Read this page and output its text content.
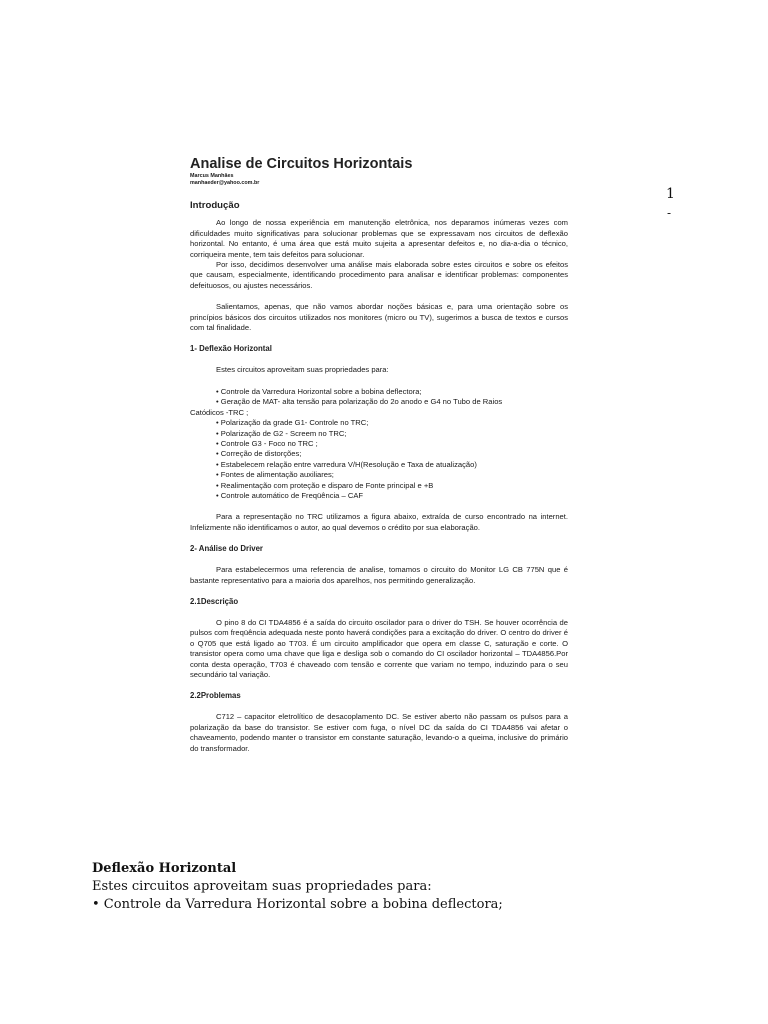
Analise de Circuitos Horizontais
Marcus Manhães
manhaeder@yahoo.com.br
Introdução

Ao longo de nossa experiência em manutenção eletrônica, nos deparamos inúmeras vezes com dificuldades muito significativas para solucionar problemas que se expressavam nos circuitos de deflexão horizontal. No entanto, é uma área que está muito sujeita a apresentar defeitos e, no dia-a-dia o técnico, corriqueira mente, tem tais defeitos para solucionar.

Por isso, decidimos desenvolver uma análise mais elaborada sobre estes circuitos e sobre os efeitos que causam, especialmente, identificando procedimento para analisar e identificar problemas: componentes defeituosos, ou ajustes necessários.

Salientamos, apenas, que não vamos abordar noções básicas e, para uma orientação sobre os princípios básicos dos circuitos utilizados nos monitores (micro ou TV), sugerimos a busca de textos e cursos com tal finalidade.

1- Deflexão Horizontal

Estes circuitos aproveitam suas propriedades para:

• Controle da Varredura Horizontal sobre a bobina deflectora;
• Geração de MAT- alta tensão para polarização do 2o anodo e G4 no Tubo de Raios
Catódicos -TRC ;
• Polarização da grade G1- Controle no TRC;
• Polarização de G2 - Screem no TRC;
• Controle G3 - Foco no TRC ;
• Correção de distorções;
• Estabelecem relação entre varredura V/H(Resolução e Taxa de atualização)
• Fontes de alimentação auxiliares;
• Realimentação com proteção e disparo de Fonte principal e +B
• Controle automático de Freqüência – CAF

Para a representação no TRC utilizamos a figura abaixo, extraída de curso encontrado na internet. Infelizmente não identificamos o autor, ao qual devemos o crédito por sua elaboração.

2- Análise do Driver

Para estabelecermos uma referencia de analise, tomamos o circuito do Monitor LG CB 775N que é bastante representativo para a maioria dos aparelhos, nos permitindo generalização.

2.1Descrição

O pino 8 do CI TDA4856 é a saída do circuito oscilador para o driver do TSH. Se houver ocorrência de pulsos com freqüência adequada neste ponto haverá condições para a excitação do driver. O centro do driver é o Q705 que está ligado ao T703. É um circuito amplificador que opera em classe C, saturação e corte. O transistor opera como uma chave que liga e desliga sob o comando do CI oscilador horizontal – TDA4856.Por conta desta operação, T703 é chaveado com tensão e corrente que variam no tempo, induzindo para o seu secundário tal variação.

2.2Problemas

C712 – capacitor eletrolítico de desacoplamento DC. Se estiver aberto não passam os pulsos para a polarização da base do transistor. Se estiver com fuga, o nível DC da saída do CI TDA4856 vai afetar o chaveamento, podendo manter o transistor em constante saturação, levando-o a queima, inclusive do primário do transformador.

1
-
Deflexão Horizontal
Estes circuitos aproveitam suas propriedades para:
• Controle da Varredura Horizontal sobre a bobina deflectora;
